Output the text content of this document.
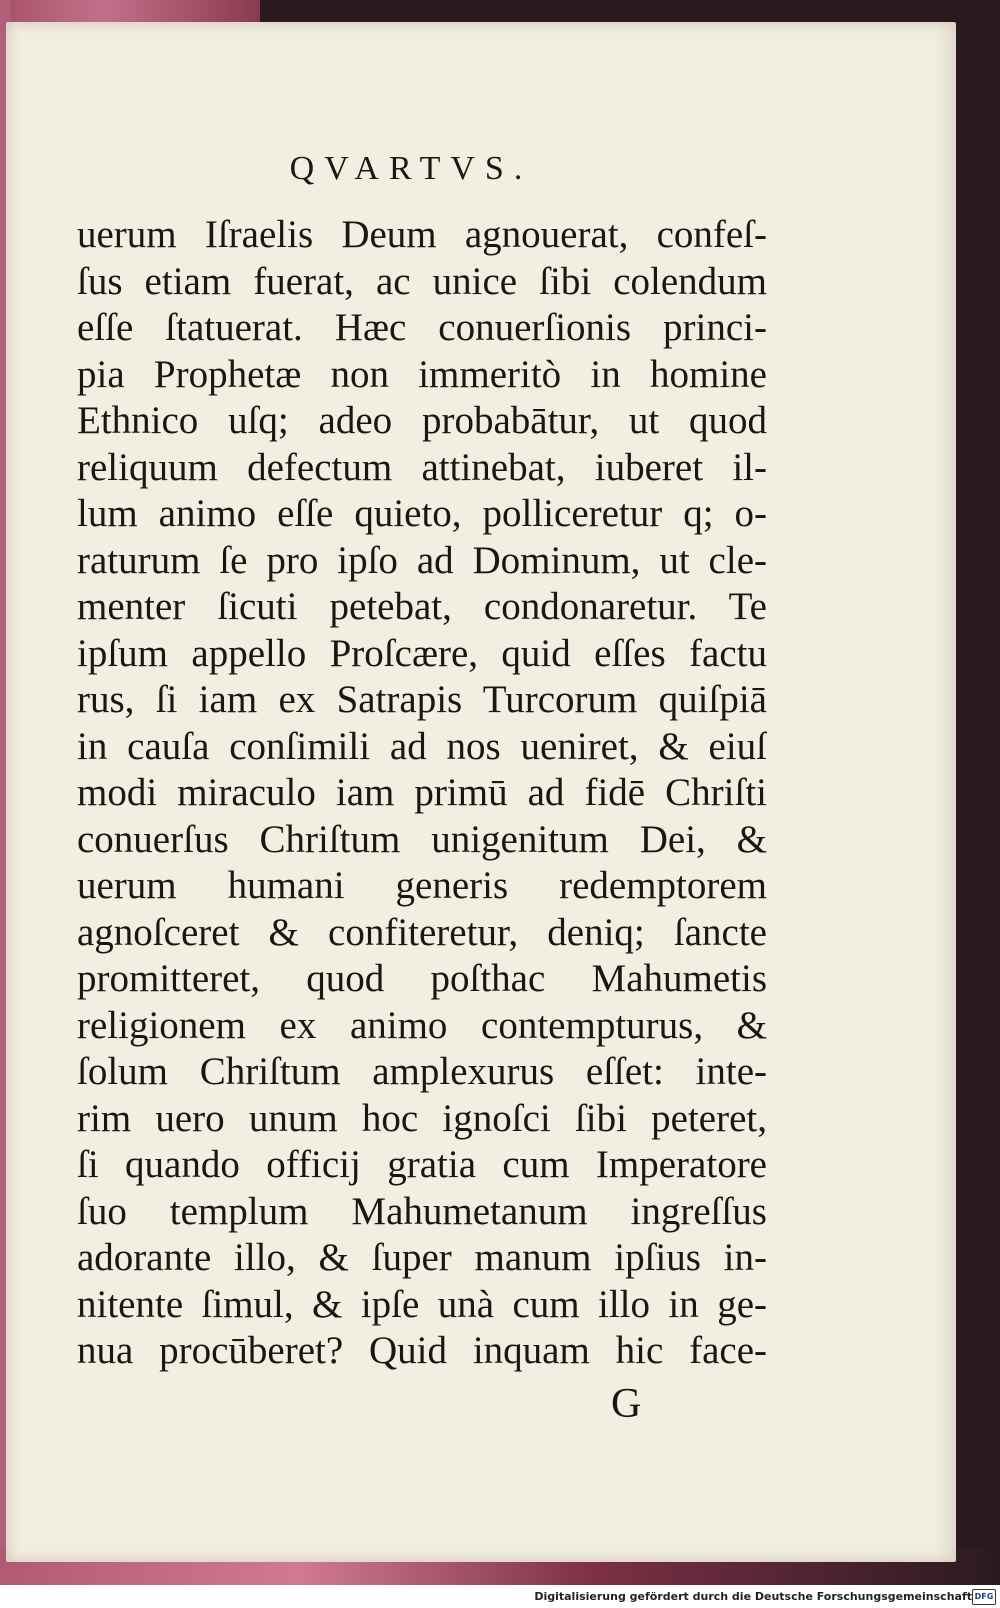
QVARTVS.
uerum Iſraelis Deum agnouerat, confeſ-
ſus etiam fuerat, ac unice ſibi colendum
eſſe ſtatuerat. Hæc conuerſionis princi-
pia Prophetæ non immeritò in homine
Ethnico uſq; adeo probabātur, ut quod
reliquum defectum attinebat, iuberet il-
lum animo eſſe quieto, polliceretur q; o-
raturum ſe pro ipſo ad Dominum, ut cle-
menter ſicuti petebat, condonaretur. Te
ipſum appello Proſcære, quid eſſes factu
rus, ſi iam ex Satrapis Turcorum quiſpiā
in cauſa conſimili ad nos ueniret, & eiuſ
modi miraculo iam primū ad fidē Chriſti
conuerſus Chriſtum unigenitum Dei, &
uerum humani generis redemptorem
agnoſceret & confiteretur, deniq; ſancte
promitteret, quod poſthac Mahumetis
religionem ex animo contempturus, &
ſolum Chriſtum amplexurus eſſet: inte-
rim uero unum hoc ignoſci ſibi peteret,
ſi quando officij gratia cum Imperatore
ſuo templum Mahumetanum ingreſſus
adorante illo, & ſuper manum ipſius in-
nitente ſimul, & ipſe unà cum illo in ge-
nua procūberet? Quid inquam hic face-
G
Digitalisierung gefördert durch die Deutsche Forschungsgemeinschaft DFG
